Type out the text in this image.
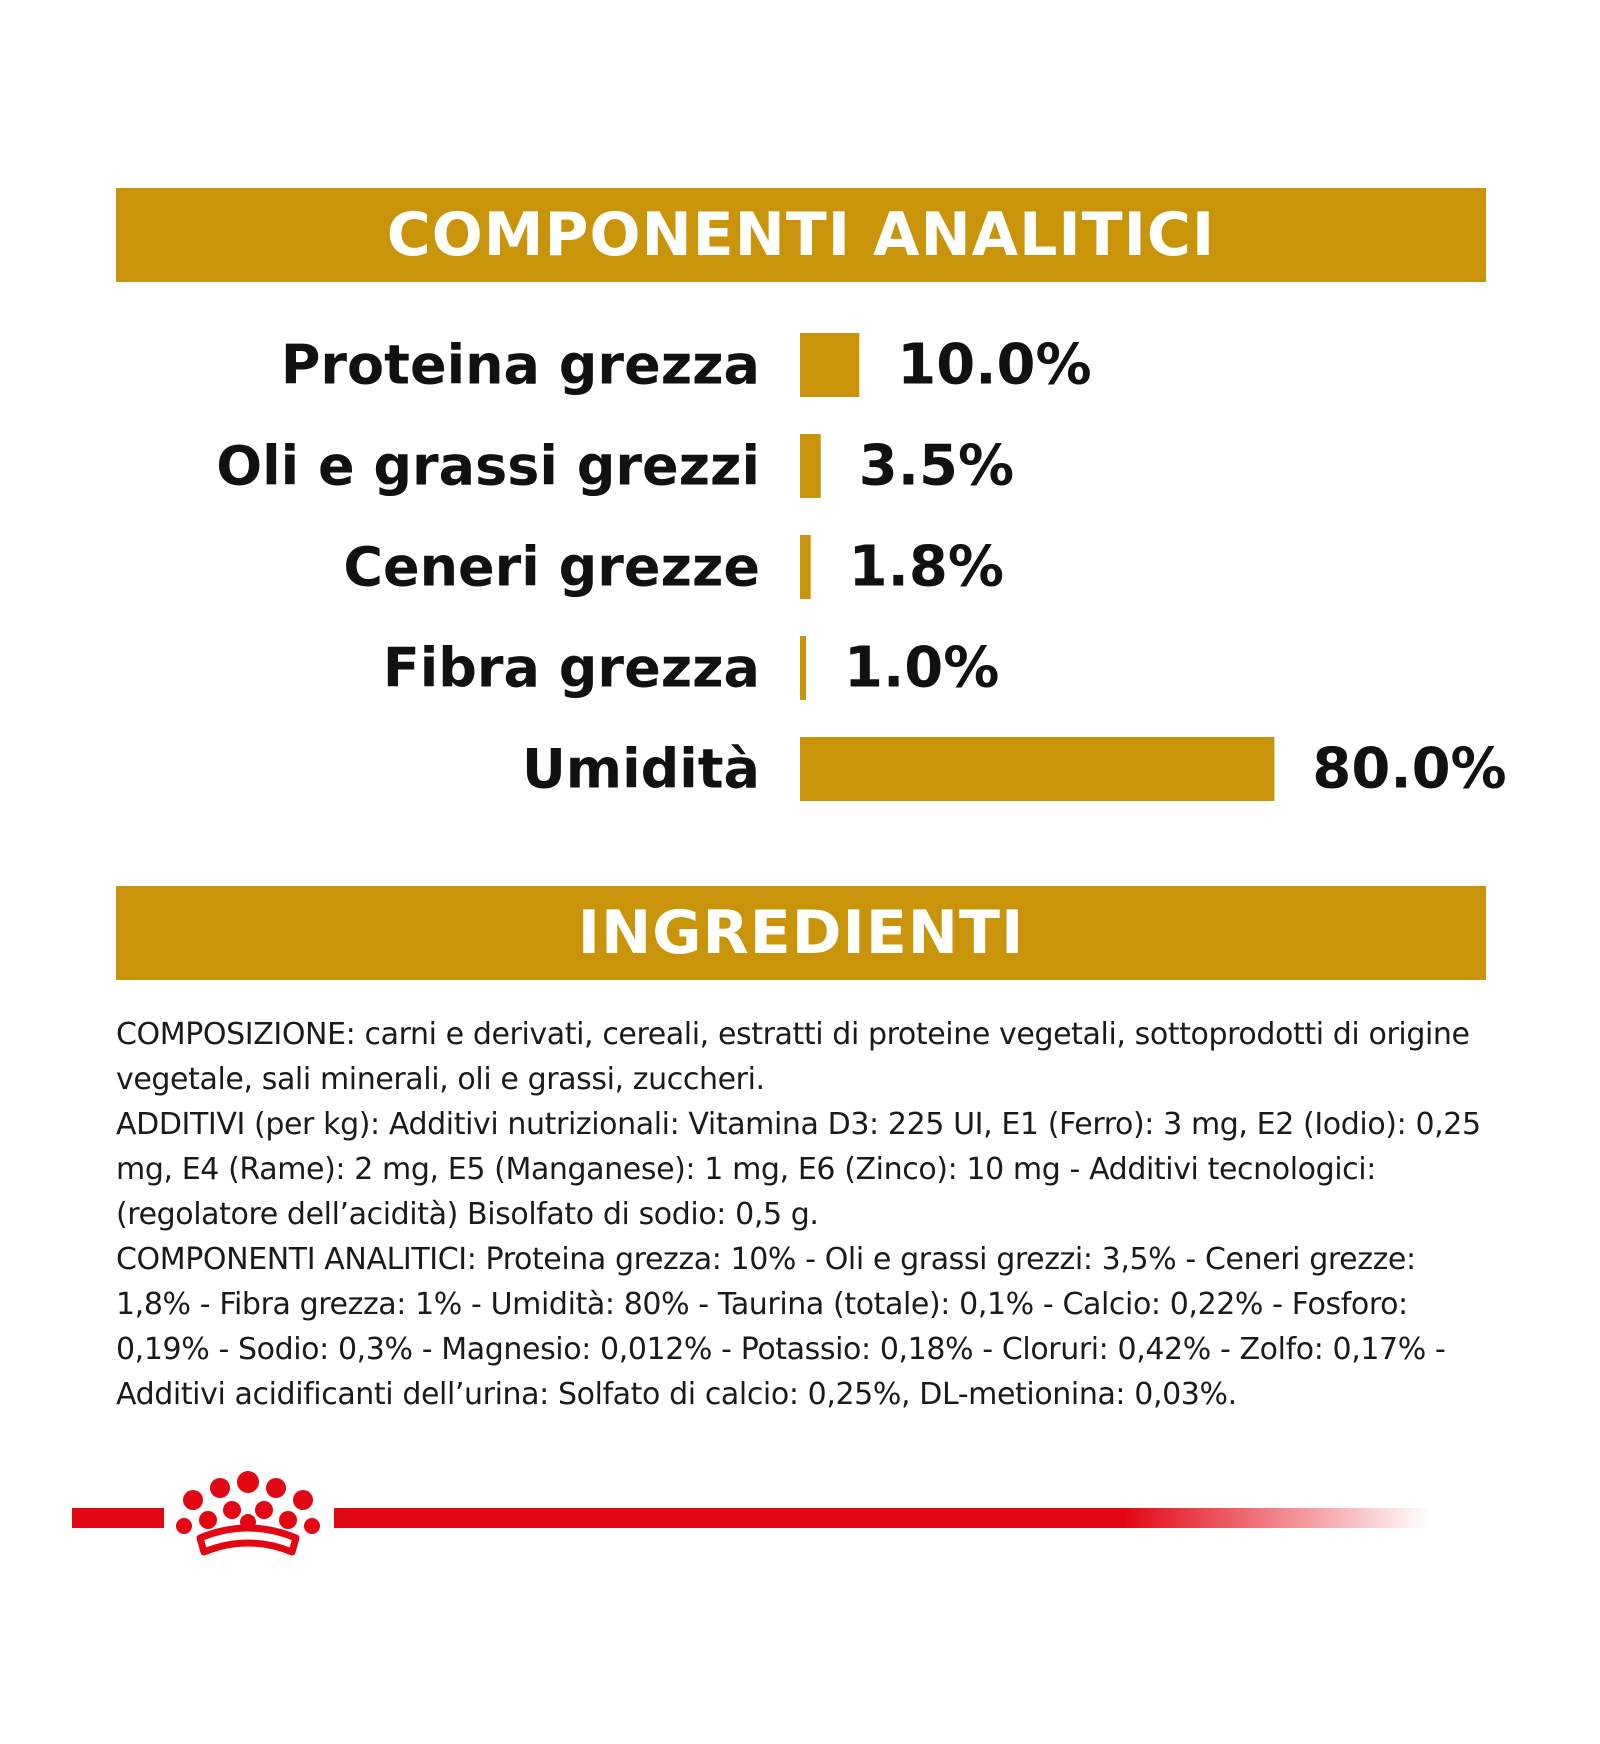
COMPONENTI ANALITICI
Proteina grezza 10.0%
Oli e grassi grezzi 3.5%
Ceneri grezze 1.8%
Fibra grezza 1.0%
Umidità	80.0%
INGREDIENTI

COMPOSIZIONE: carni e derivati, cereali, estratti di proteine vegetali, sottoprodotti di origine vegetale, sali minerali, oli e grassi, zuccheri.

ADDITIVI (per kg): Additivi nutrizionali: Vitamina D3: 225 UI, E1 (Ferro): 3 mg, E2 (Iodio): 0,25 mg, E4 (Rame): 2 mg, E5 (Manganese): 1 mg, E6 (Zinco): 10 mg - Additivi tecnologici: (regolatore dell’acidità) Bisolfato di sodio: 0,5 g.

COMPONENTI ANALITICI: Proteina grezza: 10% - Oli e grassi grezzi: 3,5% - Ceneri grezze: 1,8% - Fibra grezza: 1% - Umidità: 80% - Taurina (totale): 0,1% - Calcio: 0,22% - Fosforo: 0,19% - Sodio: 0,3% - Magnesio: 0,012% - Potassio: 0,18% - Cloruri: 0,42% - Zolfo: 0,17% - Additivi acidificanti dell’urina: Solfato di calcio: 0,25%, DL-metionina: 0,03%.
